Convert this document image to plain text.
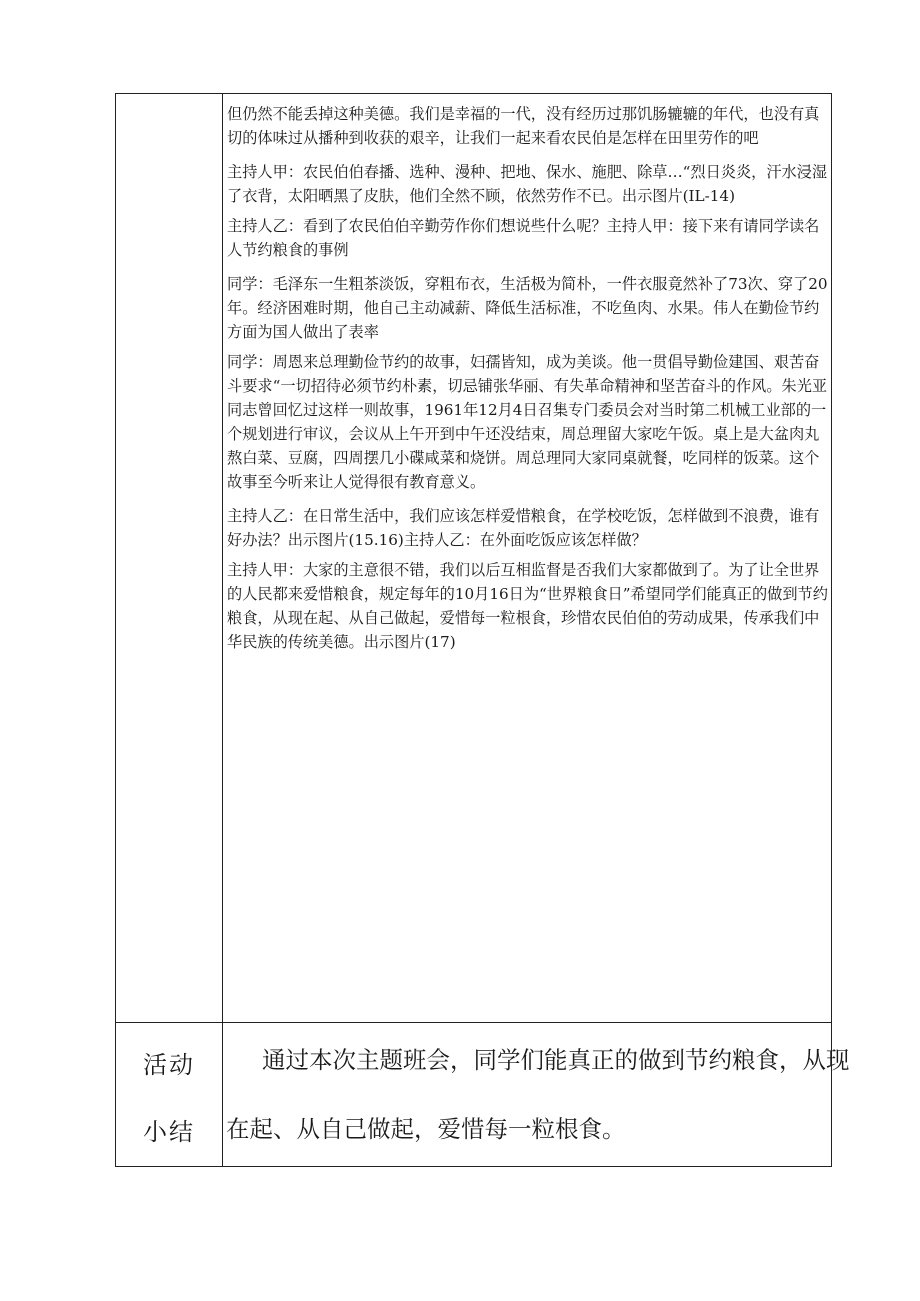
但仍然不能丢掉这种美德。我们是幸福的一代，没有经历过那饥肠辘辘的年代，也没有真切的体味过从播种到收获的艰辛，让我们一起来看农民伯是怎样在田里劳作的吧

主持人甲：农民伯伯春播、选种、漫种、把地、保水、施肥、除草…“烈日炎炎，汗水浸湿了衣背，太阳晒黑了皮肤，他们全然不顾，依然劳作不已。出示图片(IL-14)

主持人乙：看到了农民伯伯辛勤劳作你们想说些什么呢？主持人甲：接下来有请同学读名人节约粮食的事例

同学：毛泽东一生粗茶淡饭，穿粗布衣，生活极为简朴，一件衣服竟然补了73次、穿了20年。经济困难时期，他自己主动减薪、降低生活标准，不吃鱼肉、水果。伟人在勤俭节约方面为国人做出了表率

同学：周恩来总理勤俭节约的故事，妇孺皆知，成为美谈。他一贯倡导勤俭建国、艰苦奋斗要求“一切招待必须节约朴素，切忌铺张华丽、有失革命精神和坚苦奋斗的作风。朱光亚同志曾回忆过这样一则故事，1961年12月4日召集专门委员会对当时第二机械工业部的一个规划进行审议，会议从上午开到中午还没结束，周总理留大家吃午饭。桌上是大盆肉丸熬白菜、豆腐，四周摆几小碟咸菜和烧饼。周总理同大家同桌就餐，吃同样的饭菜。这个故事至今听来让人觉得很有教育意义。

主持人乙：在日常生活中，我们应该怎样爱惜粮食，在学校吃饭，怎样做到不浪费，谁有好办法？出示图片(15.16)主持人乙：在外面吃饭应该怎样做？

主持人甲：大家的主意很不错，我们以后互相监督是否我们大家都做到了。为了让全世界的人民都来爱惜粮食，规定每年的10月16日为“世界粮食日”希望同学们能真正的做到节约粮食，从现在起、从自己做起，爱惜每一粒根食，珍惜农民伯伯的劳动成果，传承我们中华民族的传统美德。出示图片(17)

活动
小结
通过本次主题班会，同学们能真正的做到节约粮食，从现
在起、从自己做起，爱惜每一粒根食。
